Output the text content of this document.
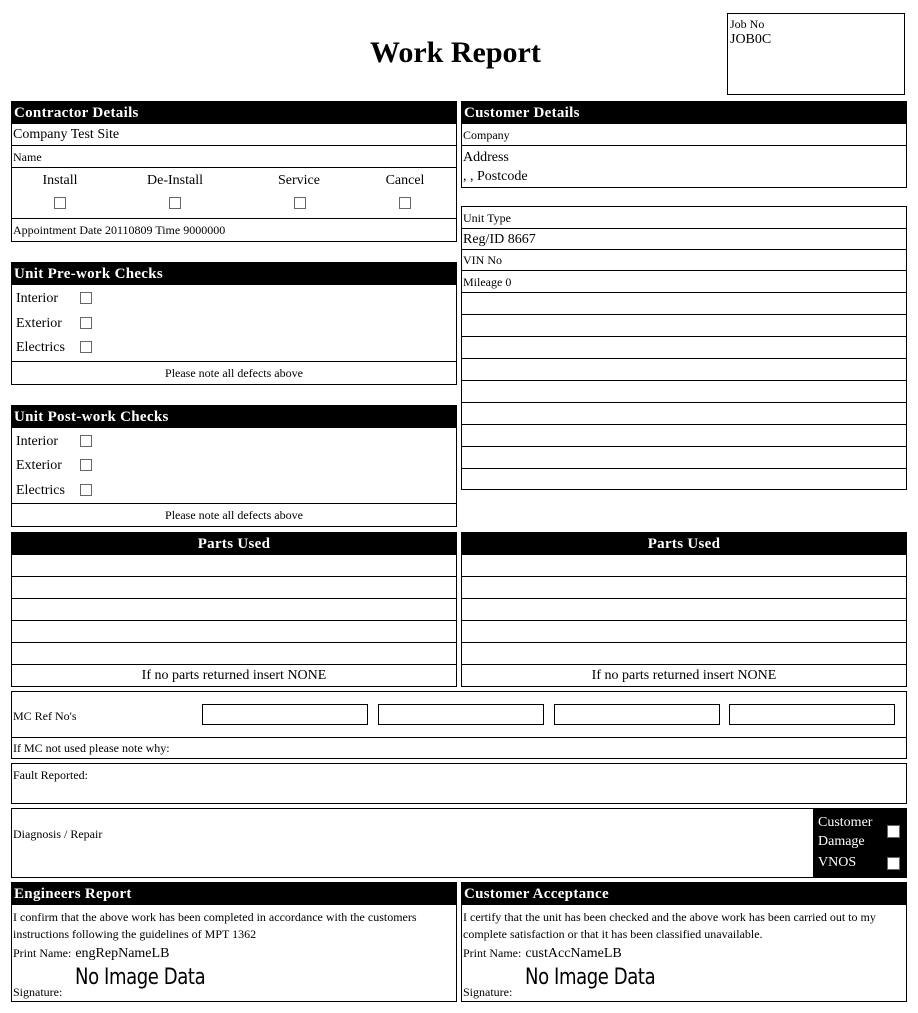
Work Report
Job No
JOB0C
Contractor Details
Company Test Site
Name
Install	De-Install	Service	Cancel
Appointment Date 20110809 Time 9000000
Unit Pre-work Checks
Interior
Exterior
Electrics
Please note all defects above
Unit Post-work Checks
Interior
Exterior
Electrics
Please note all defects above
Customer Details
Company
Address
, , Postcode
Unit Type
Reg/ID 8667
VIN No
Mileage 0
Parts Used
If no parts returned insert NONE
Parts Used
If no parts returned insert NONE
MC Ref No's
If MC not used please note why:
Fault Reported:
Diagnosis / Repair
Customer Damage
VNOS
Engineers Report
I confirm that the above work has been completed in accordance with the customers instructions following the guidelines of MPT 1362
Print Name: engRepNameLB
Signature:
No Image Data
Customer Acceptance
I certify that the unit has been checked and the above work has been carried out to my complete satisfaction or that it has been classified unavailable.
Print Name: custAccNameLB
Signature:
No Image Data
